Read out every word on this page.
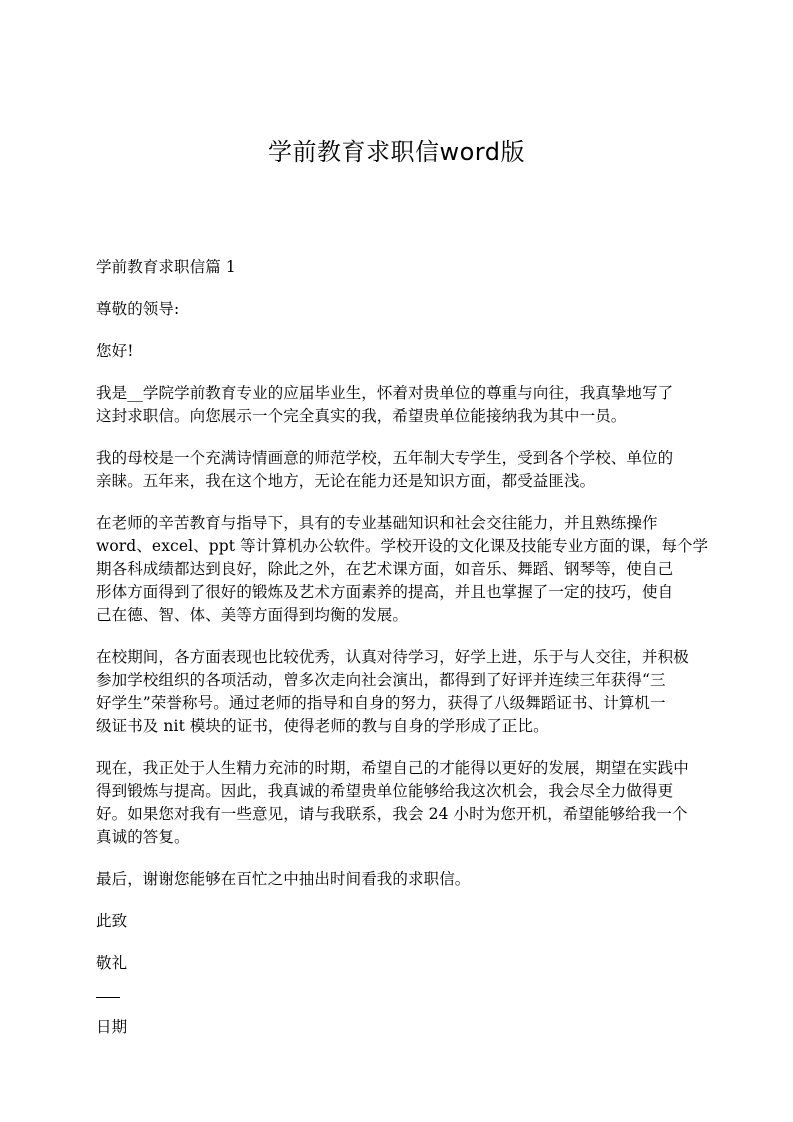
学前教育求职信word版

学前教育求职信篇 1

尊敬的领导:

您好!

我是__学院学前教育专业的应届毕业生，怀着对贵单位的尊重与向往，我真挚地写了

这封求职信。向您展示一个完全真实的我，希望贵单位能接纳我为其中一员。

我的母校是一个充满诗情画意的师范学校，五年制大专学生，受到各个学校、单位的

亲睐。五年来，我在这个地方，无论在能力还是知识方面，都受益匪浅。

在老师的辛苦教育与指导下，具有的专业基础知识和社会交往能力，并且熟练操作

word、excel、ppt 等计算机办公软件。学校开设的文化课及技能专业方面的课，每个学

期各科成绩都达到良好，除此之外，在艺术课方面，如音乐、舞蹈、钢琴等，使自己

形体方面得到了很好的锻炼及艺术方面素养的提高，并且也掌握了一定的技巧，使自

己在德、智、体、美等方面得到均衡的发展。

在校期间，各方面表现也比较优秀，认真对待学习，好学上进，乐于与人交往，并积极

参加学校组织的各项活动，曾多次走向社会演出，都得到了好评并连续三年获得“三

好学生”荣誉称号。通过老师的指导和自身的努力，获得了八级舞蹈证书、计算机一

级证书及 nit 模块的证书，使得老师的教与自身的学形成了正比。

现在，我正处于人生精力充沛的时期，希望自己的才能得以更好的发展，期望在实践中

得到锻炼与提高。因此，我真诚的希望贵单位能够给我这次机会，我会尽全力做得更

好。如果您对我有一些意见，请与我联系，我会 24 小时为您开机，希望能够给我一个

真诚的答复。

最后，谢谢您能够在百忙之中抽出时间看我的求职信。

此致

敬礼

日期
